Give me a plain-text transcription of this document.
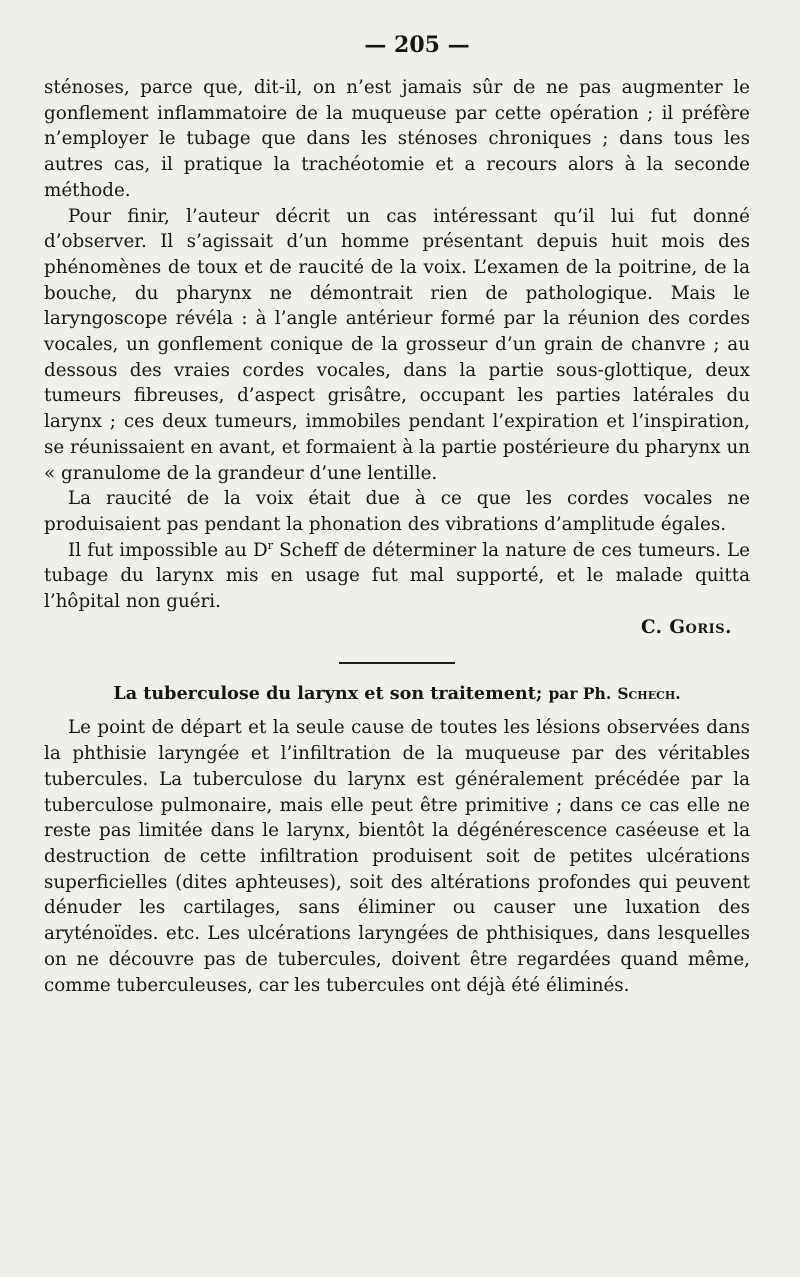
— 205 —

sténoses, parce que, dit-il, on n’est jamais sûr de ne pas augmenter le gonflement inflammatoire de la muqueuse par cette opération ; il préfère n’employer le tubage que dans les sténoses chroniques ; dans tous les autres cas, il pratique la trachéotomie et a recours alors à la seconde méthode.

Pour finir, l’auteur décrit un cas intéressant qu’il lui fut donné d’observer. Il s’agissait d’un homme présentant depuis huit mois des phénomènes de toux et de raucité de la voix. L’examen de la poitrine, de la bouche, du pharynx ne démontrait rien de pathologique. Mais le laryngoscope révéla : à l’angle antérieur formé par la réunion des cordes vocales, un gonflement conique de la grosseur d’un grain de chanvre ; au dessous des vraies cordes vocales, dans la partie sous-glottique, deux tumeurs fibreuses, d’aspect grisâtre, occupant les parties latérales du larynx ; ces deux tumeurs, immobiles pendant l’expiration et l’inspiration, se réunissaient en avant, et formaient à la partie postérieure du pharynx un « granulome de la grandeur d’une lentille.

La raucité de la voix était due à ce que les cordes vocales ne produisaient pas pendant la phonation des vibrations d’amplitude égales.

Il fut impossible au $D^r$ Scheff de déterminer la nature de ces tumeurs. Le tubage du larynx mis en usage fut mal supporté, et le malade quitta l’hôpital non guéri.

C. Goris.
La tuberculose du larynx et son traitement; par Ph. Schech.

Le point de départ et la seule cause de toutes les lésions observées dans la phthisie laryngée et l’infiltration de la muqueuse par des véritables tubercules. La tuberculose du larynx est généralement précédée par la tuberculose pulmonaire, mais elle peut être primitive ; dans ce cas elle ne reste pas limitée dans le larynx, bientôt la dégénérescence caséeuse et la destruction de cette infiltration produisent soit de petites ulcérations superficielles (dites aphteuses), soit des altérations profondes qui peuvent dénuder les cartilages, sans éliminer ou causer une luxation des aryténoïdes. etc. Les ulcérations laryngées de phthisiques, dans lesquelles on ne découvre pas de tubercules, doivent être regardées quand même, comme tuberculeuses, car les tubercules ont déjà été éliminés.
